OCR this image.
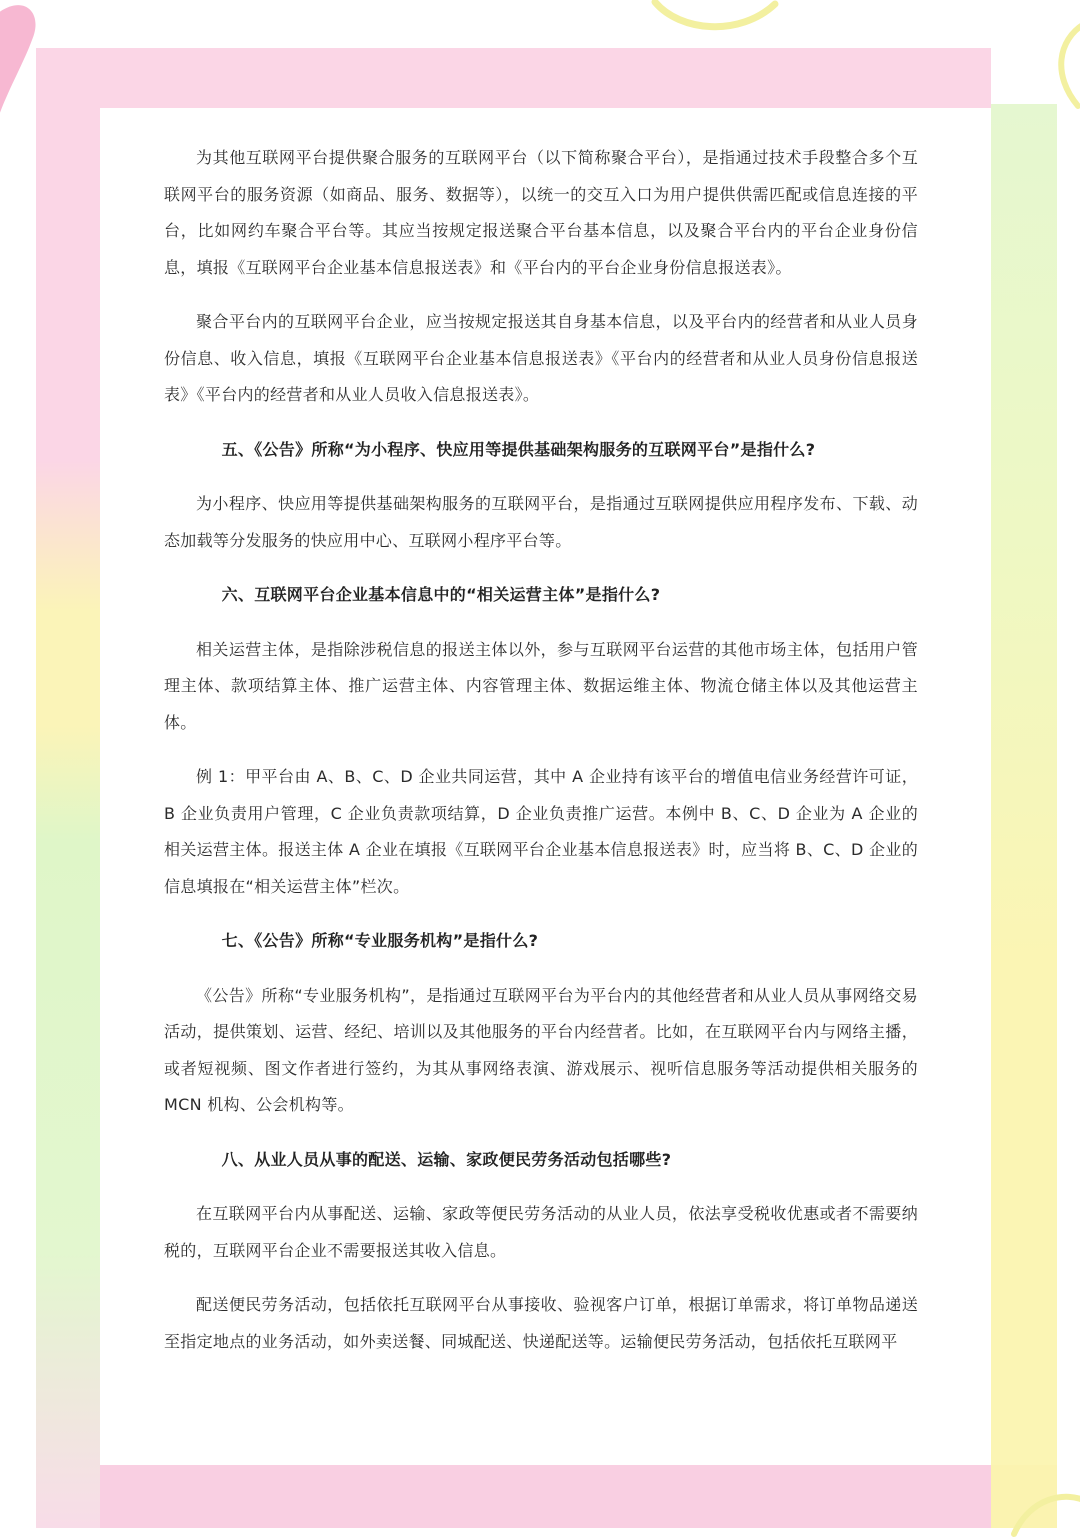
为其他互联网平台提供聚合服务的互联网平台（以下简称聚合平台），是指通过技术手段整合多个互联网平台的服务资源（如商品、服务、数据等），以统一的交互入口为用户提供供需匹配或信息连接的平台，比如网约车聚合平台等。其应当按规定报送聚合平台基本信息，以及聚合平台内的平台企业身份信息，填报《互联网平台企业基本信息报送表》和《平台内的平台企业身份信息报送表》。

聚合平台内的互联网平台企业，应当按规定报送其自身基本信息，以及平台内的经营者和从业人员身份信息、收入信息，填报《互联网平台企业基本信息报送表》《平台内的经营者和从业人员身份信息报送表》《平台内的经营者和从业人员收入信息报送表》。

五、《公告》所称“为小程序、快应用等提供基础架构服务的互联网平台”是指什么?

为小程序、快应用等提供基础架构服务的互联网平台，是指通过互联网提供应用程序发布、下载、动态加载等分发服务的快应用中心、互联网小程序平台等。

六、互联网平台企业基本信息中的“相关运营主体”是指什么?

相关运营主体，是指除涉税信息的报送主体以外，参与互联网平台运营的其他市场主体，包括用户管理主体、款项结算主体、推广运营主体、内容管理主体、数据运维主体、物流仓储主体以及其他运营主体。

例 1：甲平台由 A、B、C、D 企业共同运营，其中 A 企业持有该平台的增值电信业务经营许可证，B 企业负责用户管理，C 企业负责款项结算，D 企业负责推广运营。本例中 B、C、D 企业为 A 企业的相关运营主体。报送主体 A 企业在填报《互联网平台企业基本信息报送表》时，应当将 B、C、D 企业的信息填报在“相关运营主体”栏次。

七、《公告》所称“专业服务机构”是指什么?

《公告》所称“专业服务机构”，是指通过互联网平台为平台内的其他经营者和从业人员从事网络交易活动，提供策划、运营、经纪、培训以及其他服务的平台内经营者。比如，在互联网平台内与网络主播，或者短视频、图文作者进行签约，为其从事网络表演、游戏展示、视听信息服务等活动提供相关服务的 MCN 机构、公会机构等。

八、从业人员从事的配送、运输、家政便民劳务活动包括哪些?

在互联网平台内从事配送、运输、家政等便民劳务活动的从业人员，依法享受税收优惠或者不需要纳税的，互联网平台企业不需要报送其收入信息。

配送便民劳务活动，包括依托互联网平台从事接收、验视客户订单，根据订单需求，将订单物品递送至指定地点的业务活动，如外卖送餐、同城配送、快递配送等。运输便民劳务活动，包括依托互联网平
